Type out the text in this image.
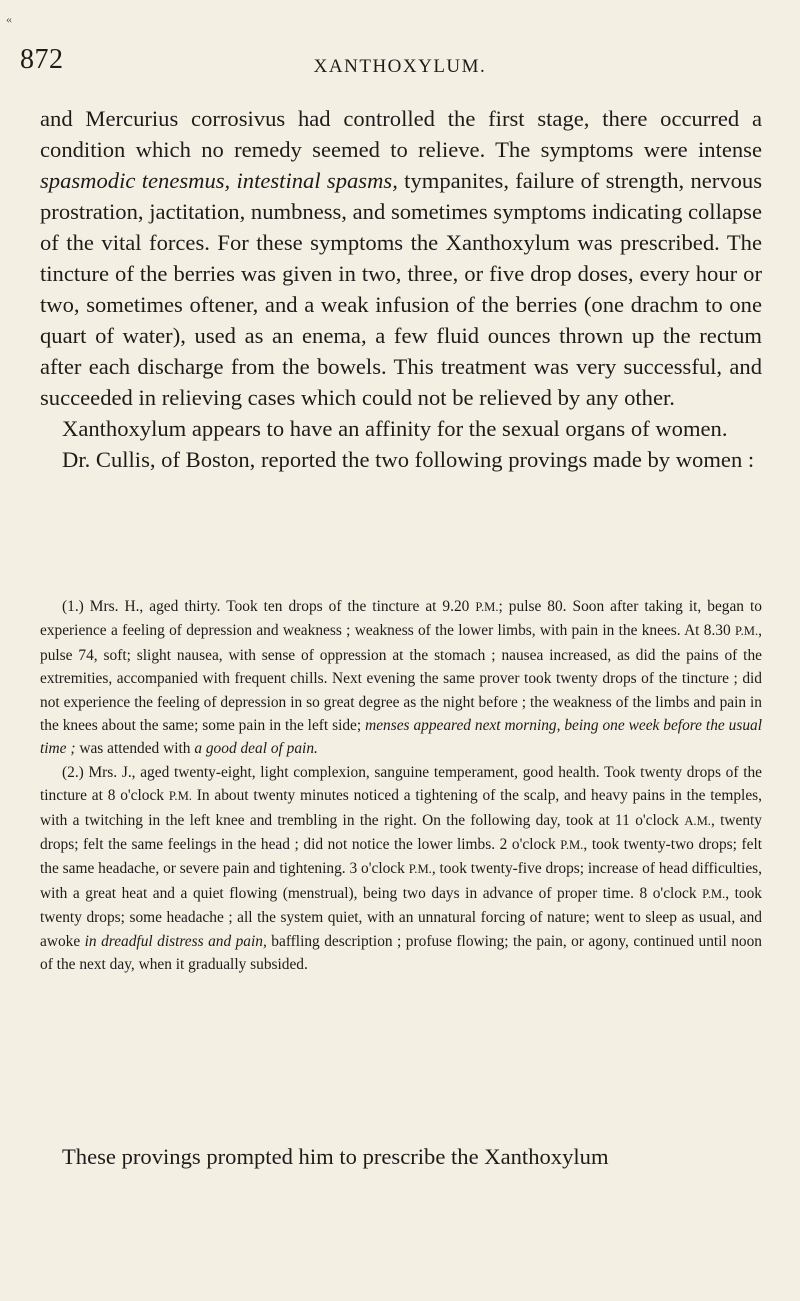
«
872	XANTHOXYLUM.

and Mercurius corrosivus had controlled the first stage, there occurred a condition which no remedy seemed to relieve. The symptoms were intense spasmodic tenesmus, intestinal spasms, tympanites, failure of strength, nervous prostration, jactitation, numbness, and sometimes symptoms indicating collapse of the vital forces. For these symptoms the Xanthoxylum was prescribed. The tincture of the berries was given in two, three, or five drop doses, every hour or two, sometimes oftener, and a weak infusion of the berries (one drachm to one quart of water), used as an enema, a few fluid ounces thrown up the rectum after each discharge from the bowels. This treatment was very successful, and succeeded in relieving cases which could not be relieved by any other.

Xanthoxylum appears to have an affinity for the sexual organs of women.

Dr. Cullis, of Boston, reported the two following provings made by women :

(1.) Mrs. H., aged thirty. Took ten drops of the tincture at 9.20 P.M.; pulse 80. Soon after taking it, began to experience a feeling of depression and weakness ; weakness of the lower limbs, with pain in the knees. At 8.30 P.M., pulse 74, soft; slight nausea, with sense of oppression at the stomach ; nausea increased, as did the pains of the extremities, accompanied with frequent chills. Next evening the same prover took twenty drops of the tincture ; did not experience the feeling of depression in so great degree as the night before ; the weakness of the limbs and pain in the knees about the same; some pain in the left side; menses appeared next morning, being one week before the usual time ; was attended with a good deal of pain.

(2.) Mrs. J., aged twenty-eight, light complexion, sanguine temperament, good health. Took twenty drops of the tincture at 8 o'clock P.M. In about twenty minutes noticed a tightening of the scalp, and heavy pains in the temples, with a twitching in the left knee and trembling in the right. On the following day, took at 11 o'clock A.M., twenty drops; felt the same feelings in the head ; did not notice the lower limbs. 2 o'clock P.M., took twenty-two drops; felt the same headache, or severe pain and tightening. 3 o'clock P.M., took twenty-five drops; increase of head difficulties, with a great heat and a quiet flowing (menstrual), being two days in advance of proper time. 8 o'clock P.M., took twenty drops; some headache ; all the system quiet, with an unnatural forcing of nature; went to sleep as usual, and awoke in dreadful distress and pain, baffling description ; profuse flowing; the pain, or agony, continued until noon of the next day, when it gradually subsided.

These provings prompted him to prescribe the Xanthoxylum
